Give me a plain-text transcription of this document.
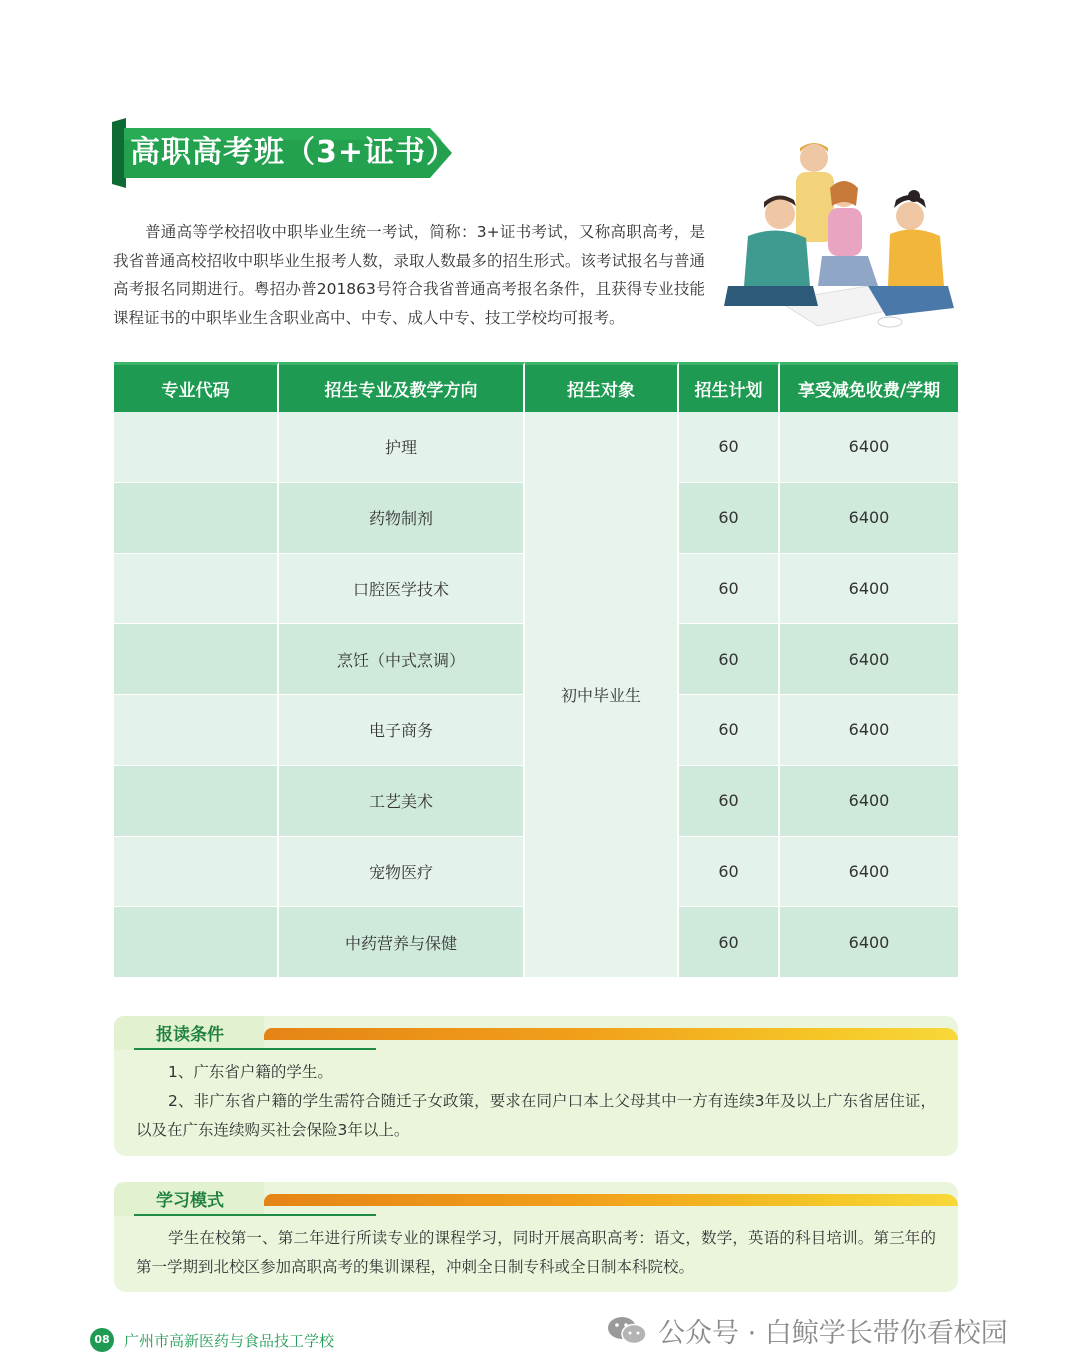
高职高考班（3+证书）
普通高等学校招收中职毕业生统一考试，简称：3+证书考试，又称高职高考，是我省普通高校招收中职毕业生报考人数，录取人数最多的招生形式。该考试报名与普通高考报名同期进行。粤招办普201863号符合我省普通高考报名条件，且获得专业技能课程证书的中职毕业生含职业高中、中专、成人中专、技工学校均可报考。
专业代码	招生专业及教学方向	招生对象	招生计划	享受减免收费/学期
	护理	初中毕业生	60	6400
	药物制剂		60	6400
	口腔医学技术		60	6400
	烹饪（中式烹调）		60	6400
	电子商务		60	6400
	工艺美术		60	6400
	宠物医疗		60	6400
	中药营养与保健		60	6400
报读条件

1、广东省户籍的学生。

2、非广东省户籍的学生需符合随迁子女政策，要求在同户口本上父母其中一方有连续3年及以上广东省居住证，以及在广东连续购买社会保险3年以上。

学习模式

学生在校第一、第二年进行所读专业的课程学习，同时开展高职高考：语文，数学，英语的科目培训。第三年的第一学期到北校区参加高职高考的集训课程，冲刺全日制专科或全日制本科院校。

08 广州市高新医药与食品技工学校	公众号 · 白鲸学长带你看校园
